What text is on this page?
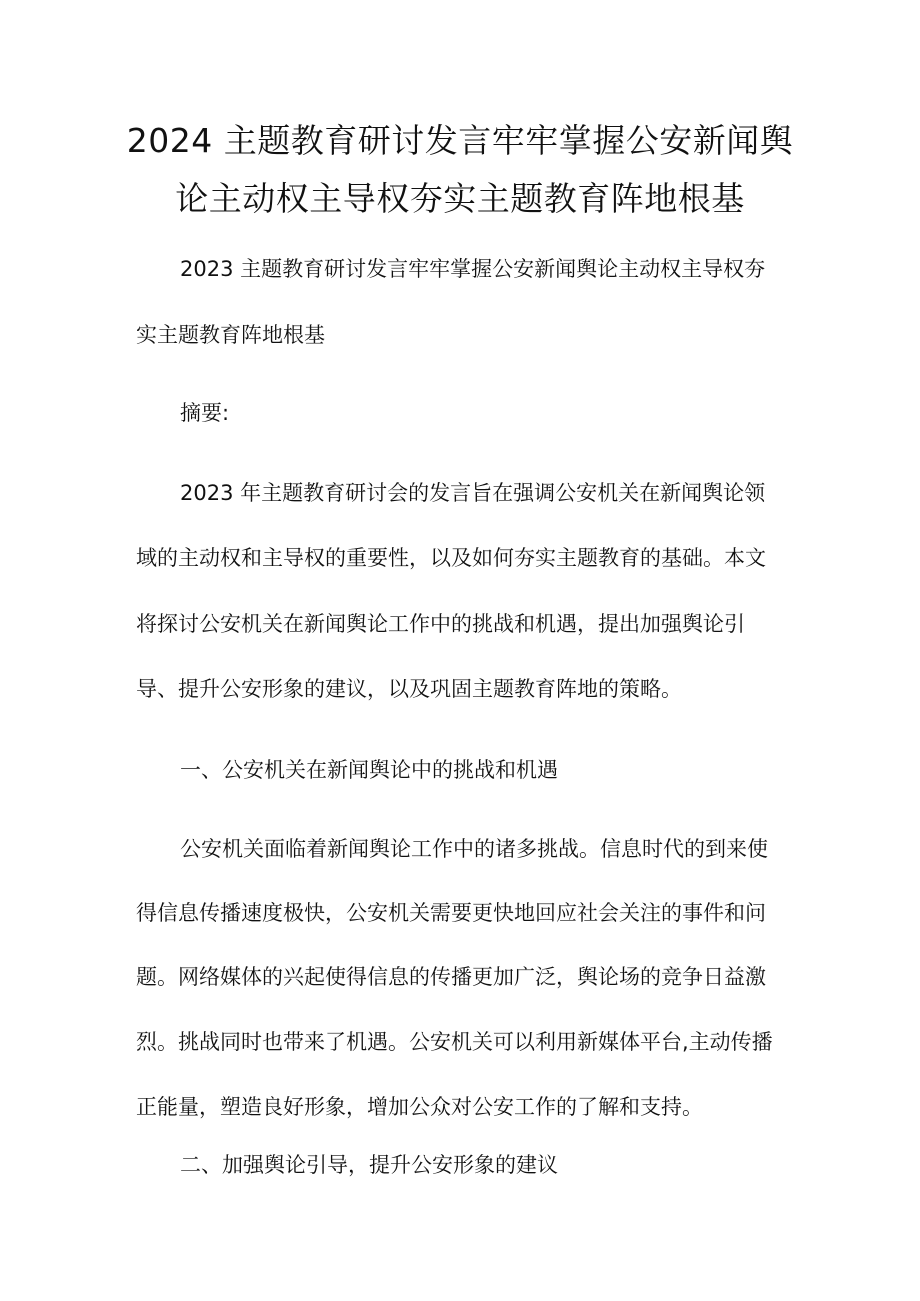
2024 主题教育研讨发言牢牢掌握公安新闻舆
论主动权主导权夯实主题教育阵地根基

2023 主题教育研讨发言牢牢掌握公安新闻舆论主动权主导权夯

实主题教育阵地根基

摘要:

2023 年主题教育研讨会的发言旨在强调公安机关在新闻舆论领

域的主动权和主导权的重要性，以及如何夯实主题教育的基础。本文

将探讨公安机关在新闻舆论工作中的挑战和机遇，提出加强舆论引

导、提升公安形象的建议，以及巩固主题教育阵地的策略。

一、公安机关在新闻舆论中的挑战和机遇

公安机关面临着新闻舆论工作中的诸多挑战。信息时代的到来使

得信息传播速度极快，公安机关需要更快地回应社会关注的事件和问

题。网络媒体的兴起使得信息的传播更加广泛，舆论场的竞争日益激

烈。挑战同时也带来了机遇。公安机关可以利用新媒体平台,主动传播

正能量，塑造良好形象，增加公众对公安工作的了解和支持。

二、加强舆论引导，提升公安形象的建议
